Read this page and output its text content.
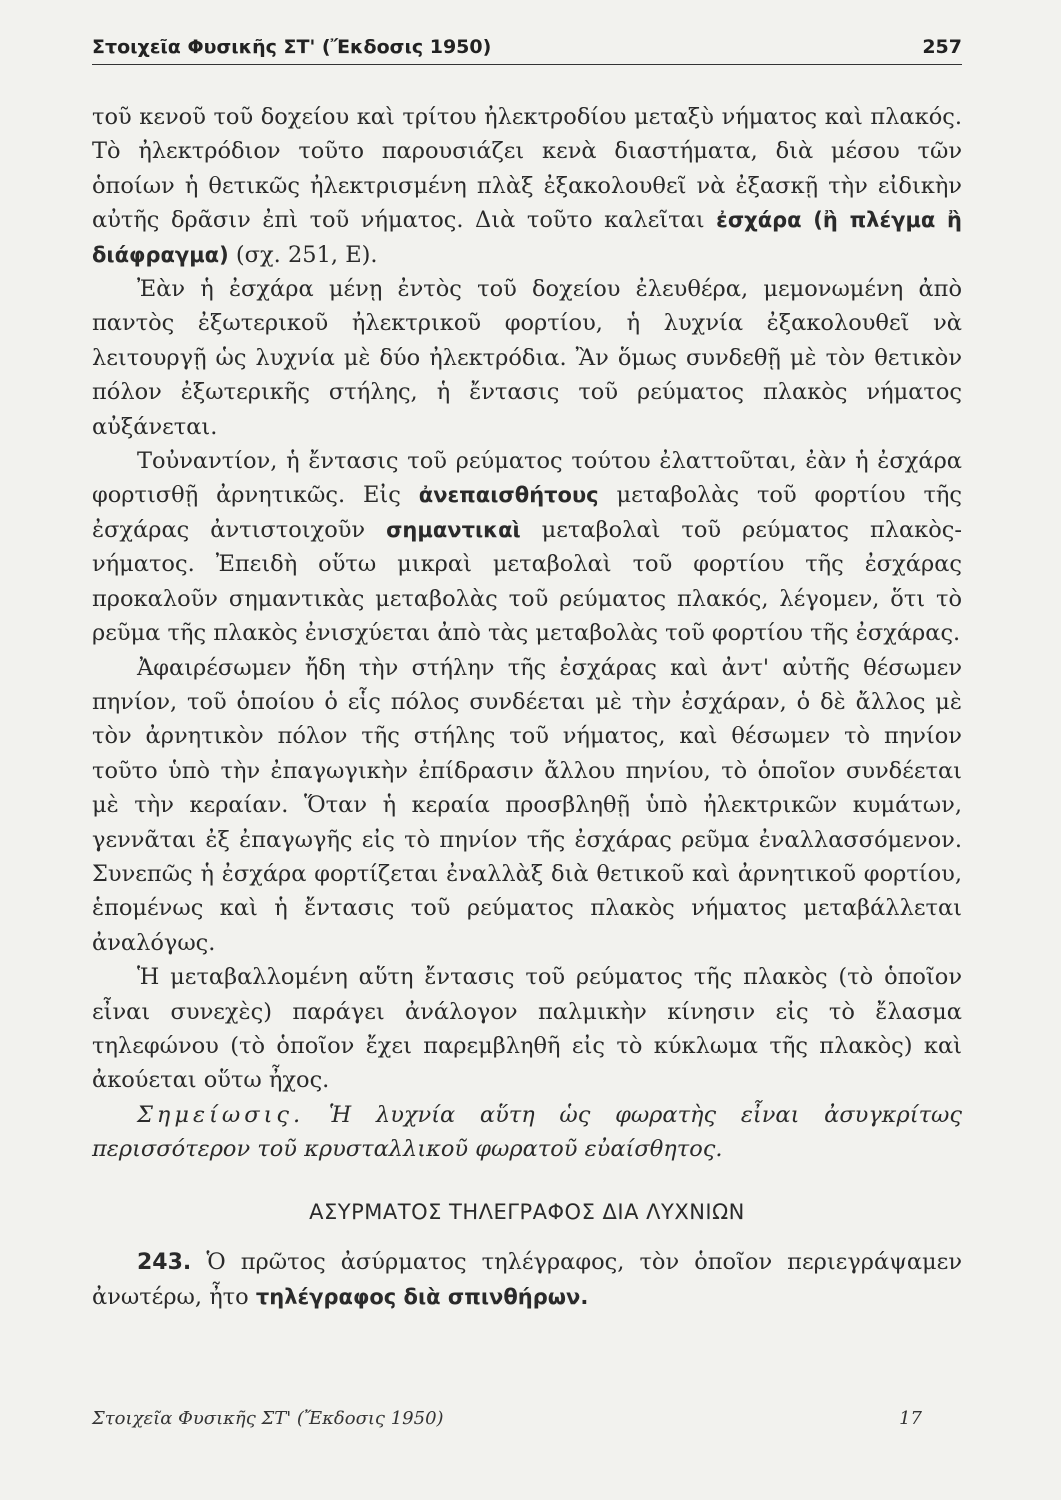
Στοιχεῖα Φυσικῆς ΣΤ' (Ἔκδοσις 1950)	257

τοῦ κενοῦ τοῦ δοχείου καὶ τρίτου ἠλεκτροδίου μεταξὺ νήματος καὶ πλακός. Τὸ ἠλεκτρόδιον τοῦτο παρουσιάζει κενὰ διαστήματα, διὰ μέσου τῶν ὁποίων ἡ θετικῶς ἠλεκτρισμένη πλὰξ ἐξακολουθεῖ νὰ ἐξασκῇ τὴν εἰδικὴν αὐτῆς δρᾶσιν ἐπὶ τοῦ νήματος. Διὰ τοῦτο καλεῖται ἐσχάρα (ἢ πλέγμα ἢ διάφραγμα) (σχ. 251, Ε).

Ἐὰν ἡ ἐσχάρα μένῃ ἐντὸς τοῦ δοχείου ἐλευθέρα, μεμονωμένη ἀπὸ παντὸς ἐξωτερικοῦ ἠλεκτρικοῦ φορτίου, ἡ λυχνία ἐξακολουθεῖ νὰ λειτουργῇ ὡς λυχνία μὲ δύο ἠλεκτρόδια. Ἂν ὅμως συνδεθῇ μὲ τὸν θετικὸν πόλον ἐξωτερικῆς στήλης, ἡ ἔντασις τοῦ ρεύματος πλακὸς νήματος αὐξάνεται.

Τοὐναντίον, ἡ ἔντασις τοῦ ρεύματος τούτου ἐλαττοῦται, ἐὰν ἡ ἐσχάρα φορτισθῇ ἀρνητικῶς. Εἰς ἀνεπαισθήτους μεταβολὰς τοῦ φορτίου τῆς ἐσχάρας ἀντιστοιχοῦν σημαντικαὶ μεταβολαὶ τοῦ ρεύματος πλακὸς-νήματος. Ἐπειδὴ οὕτω μικραὶ μεταβολαὶ τοῦ φορτίου τῆς ἐσχάρας προκαλοῦν σημαντικὰς μεταβολὰς τοῦ ρεύματος πλακός, λέγομεν, ὅτι τὸ ρεῦμα τῆς πλακὸς ἐνισχύεται ἀπὸ τὰς μεταβολὰς τοῦ φορτίου τῆς ἐσχάρας.

Ἀφαιρέσωμεν ἤδη τὴν στήλην τῆς ἐσχάρας καὶ ἀντ' αὐτῆς θέσωμεν πηνίον, τοῦ ὁποίου ὁ εἷς πόλος συνδέεται μὲ τὴν ἐσχάραν, ὁ δὲ ἄλλος μὲ τὸν ἀρνητικὸν πόλον τῆς στήλης τοῦ νήματος, καὶ θέσωμεν τὸ πηνίον τοῦτο ὑπὸ τὴν ἐπαγωγικὴν ἐπίδρασιν ἄλλου πηνίου, τὸ ὁποῖον συνδέεται μὲ τὴν κεραίαν. Ὅταν ἡ κεραία προσβληθῇ ὑπὸ ἠλεκτρικῶν κυμάτων, γεννᾶται ἐξ ἐπαγωγῆς εἰς τὸ πηνίον τῆς ἐσχάρας ρεῦμα ἐναλλασσόμενον. Συνεπῶς ἡ ἐσχάρα φορτίζεται ἐναλλὰξ διὰ θετικοῦ καὶ ἀρνητικοῦ φορτίου, ἑπομένως καὶ ἡ ἔντασις τοῦ ρεύματος πλακὸς νήματος μεταβάλλεται ἀναλόγως.

Ἡ μεταβαλλομένη αὕτη ἔντασις τοῦ ρεύματος τῆς πλακὸς (τὸ ὁποῖον εἶναι συνεχὲς) παράγει ἀνάλογον παλμικὴν κίνησιν εἰς τὸ ἔλασμα τηλεφώνου (τὸ ὁποῖον ἔχει παρεμβληθῆ εἰς τὸ κύκλωμα τῆς πλακὸς) καὶ ἀκούεται οὕτω ἦχος.

Σημείωσις. Ἡ λυχνία αὕτη ὡς φωρατὴς εἶναι ἀσυγκρίτως περισσότερον τοῦ κρυσταλλικοῦ φωρατοῦ εὐαίσθητος.

ΑΣΥΡΜΑΤΟΣ ΤΗΛΕΓΡΑΦΟΣ ΔΙΑ ΛΥΧΝΙΩΝ

243. Ὁ πρῶτος ἀσύρματος τηλέγραφος, τὸν ὁποῖον περιεγράψαμεν ἀνωτέρω, ἦτο τηλέγραφος διὰ σπινθήρων.

Στοιχεῖα Φυσικῆς ΣΤ' (Ἔκδοσις 1950)	17
